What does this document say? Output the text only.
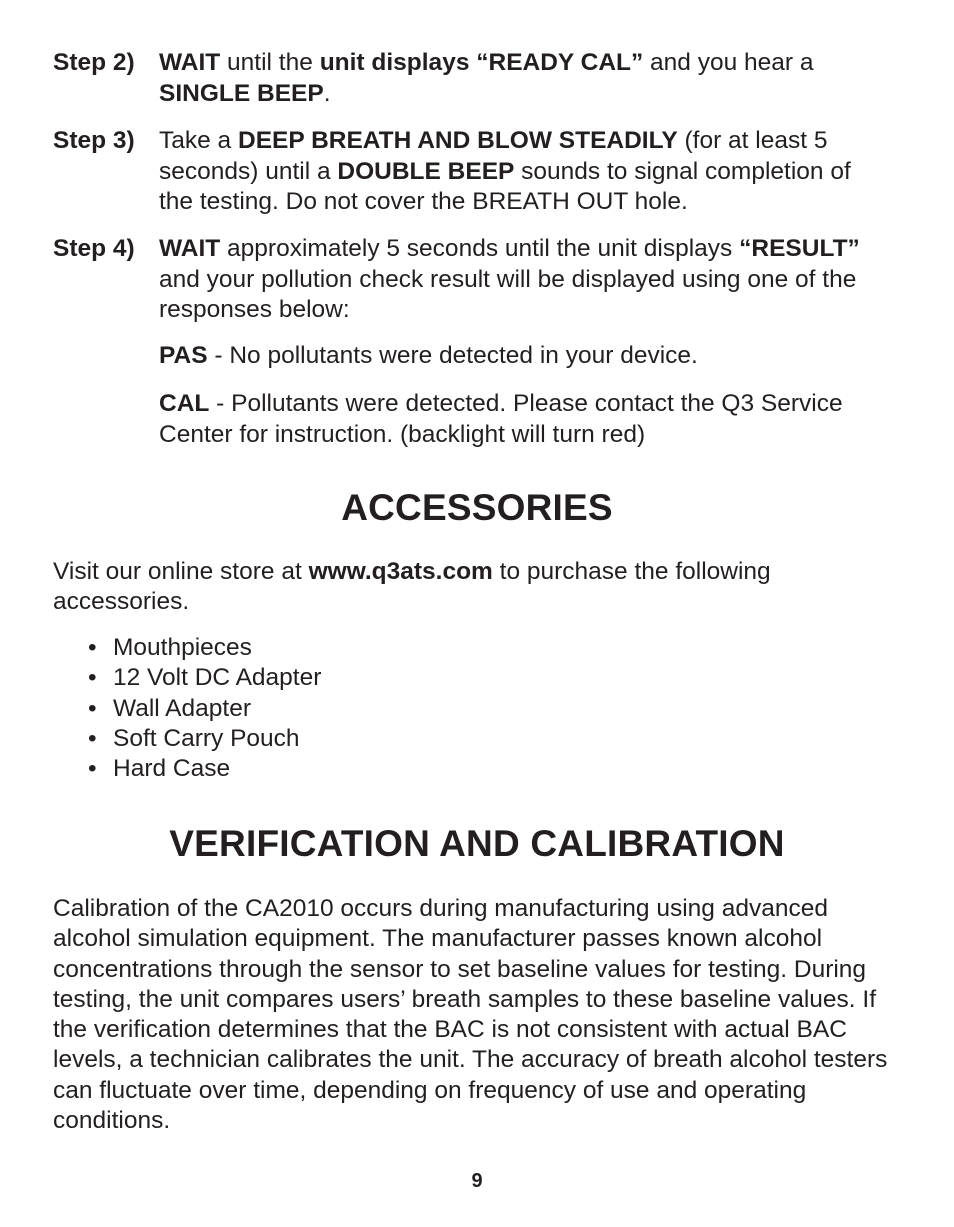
Step 2) WAIT until the unit displays “READY CAL” and you hear a
SINGLE BEEP.
Step 3) Take a DEEP BREATH AND BLOW STEADILY (for at least 5 seconds) until a DOUBLE BEEP sounds to signal completion of the testing. Do not cover the BREATH OUT hole.
Step 4) WAIT approximately 5 seconds until the unit displays “RESULT” and your pollution check result will be displayed using one of the responses below:
PAS - No pollutants were detected in your device.
CAL - Pollutants were detected. Please contact the Q3 Service Center for instruction. (backlight will turn red)
ACCESSORIES
Visit our online store at www.q3ats.com to purchase the following accessories.
• Mouthpieces
• 12 Volt DC Adapter
• Wall Adapter
• Soft Carry Pouch
• Hard Case
VERIFICATION AND CALIBRATION
Calibration of the CA2010 occurs during manufacturing using advanced alcohol simulation equipment. The manufacturer passes known alcohol concentrations through the sensor to set baseline values for testing. During testing, the unit compares users’ breath samples to these baseline values. If the verification determines that the BAC is not consistent with actual BAC levels, a technician calibrates the unit. The accuracy of breath alcohol testers can fluctuate over time, depending on frequency of use and operating conditions.
9
